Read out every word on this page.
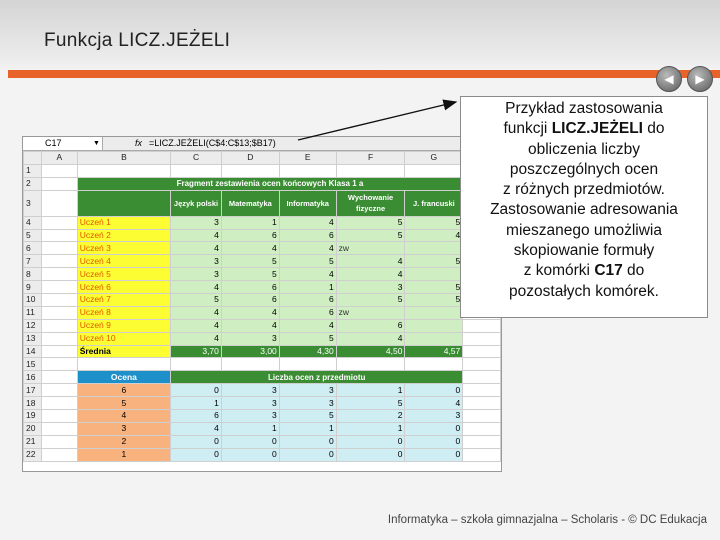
Funkcja LICZ.JEŻELI
◀	▶
C17	▼	fx =LICZ.JEŻELI(C$4:C$13;$B17)
	A	B	C	D	E	F	G	
1								
2		Fragment zestawienia ocen końcowych Klasa 1 a						
3			Język polski	Matematyka	Informatyka	Wychowanie fizyczne	J. francuski	
4		Uczeń 1	3	1	4	5	5	
5		Uczeń 2	4	6	6	5	4	
6		Uczeń 3	4	4	4	zw		
7		Uczeń 4	3	5	5	4	5	
8		Uczeń 5	3	5	4	4		
9		Uczeń 6	4	6	1	3	5	
10		Uczeń 7	5	6	6	5	5	
11		Uczeń 8	4	4	6	zw		
12		Uczeń 9	4	4	4	6		
13		Uczeń 10	4	3	5	4		
14		Średnia	3,70	3,00	4,30	4,50	4,57	
15								
16		Ocena	Liczba ocen z przedmiotu					
17		6	0	3	3	1	0	
18		5	1	3	3	5	4	
19		4	6	3	5	2	3	
20		3	4	1	1	1	0	
21		2	0	0	0	0	0	
22		1	0	0	0	0	0	
Przykład zastosowania
funkcji LICZ.JEŻELI do
obliczenia liczby
poszczególnych ocen
z różnych przedmiotów.
Zastosowanie adresowania
mieszanego umożliwia
skopiowanie formuły
z komórki C17 do
pozostałych komórek.
Informatyka – szkoła gimnazjalna – Scholaris - © DC Edukacja
